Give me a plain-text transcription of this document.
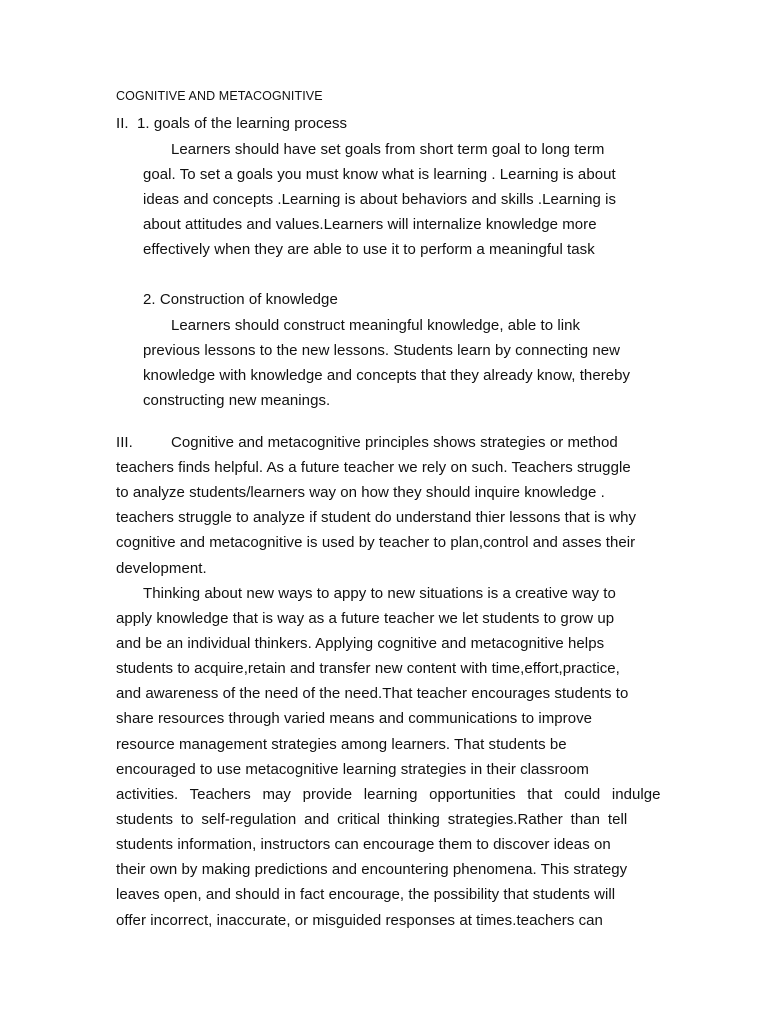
COGNITIVE AND METACOGNITIVE
II. 1. goals of the learning process
Learners should have set goals from short term goal to long term
goal. To set a goals you must know what is learning . Learning is about
ideas and concepts .Learning is about behaviors and skills .Learning is
about attitudes and values.Learners will internalize knowledge more
effectively when they are able to use it to perform a meaningful task
2. Construction of knowledge
Learners should construct meaningful knowledge, able to link
previous lessons to the new lessons. Students learn by connecting new
knowledge with knowledge and concepts that they already know, thereby
constructing new meanings.
III.	Cognitive and metacognitive principles shows strategies or method
teachers finds helpful. As a future teacher we rely on such. Teachers struggle
to analyze students/learners way on how they should inquire knowledge .
teachers struggle to analyze if student do understand thier lessons that is why
cognitive and metacognitive is used by teacher to plan,control and asses their
development.
Thinking about new ways to appy to new situations is a creative way to
apply knowledge that is way as a future teacher we let students to grow up
and be an individual thinkers. Applying cognitive and metacognitive helps
students to acquire,retain and transfer new content with time,effort,practice,
and awareness of the need of the need.That teacher encourages students to
share resources through varied means and communications to improve
resource management strategies among learners. That students be
encouraged to use metacognitive learning strategies in their classroom
activities. Teachers may provide learning opportunities that could indulge
students to self-regulation and critical thinking strategies.Rather than tell
students information, instructors can encourage them to discover ideas on
their own by making predictions and encountering phenomena. This strategy
leaves open, and should in fact encourage, the possibility that students will
offer incorrect, inaccurate, or misguided responses at times.teachers can
